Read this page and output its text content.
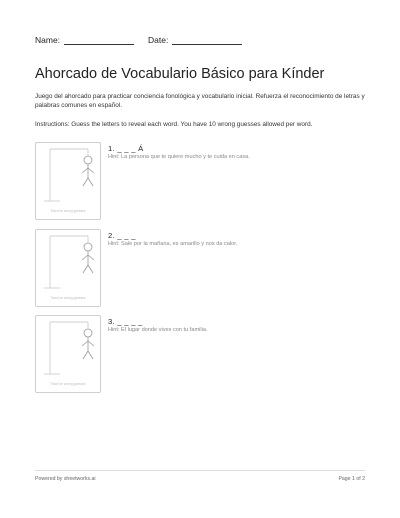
Name:	Date:
Ahorcado de Vocabulario Básico para Kínder
Juego del ahorcado para practicar conciencia fonológica y vocabulario inicial. Refuerza el reconocimiento de letras y palabras comunes en español.
Instructions: Guess the letters to reveal each word. You have 10 wrong guesses allowed per word.
Trace for wrong guesses
1. _ _ _ Á
Hint: La persona que te quiere mucho y te cuida en casa.
Trace for wrong guesses
2. _ _ _
Hint: Sale por la mañana, es amarillo y nos da calor.
Trace for wrong guesses
3. _ _ _ _
Hint: El lugar donde vives con tu familia.
Powered by sheetworks.ai	Page 1 of 2
